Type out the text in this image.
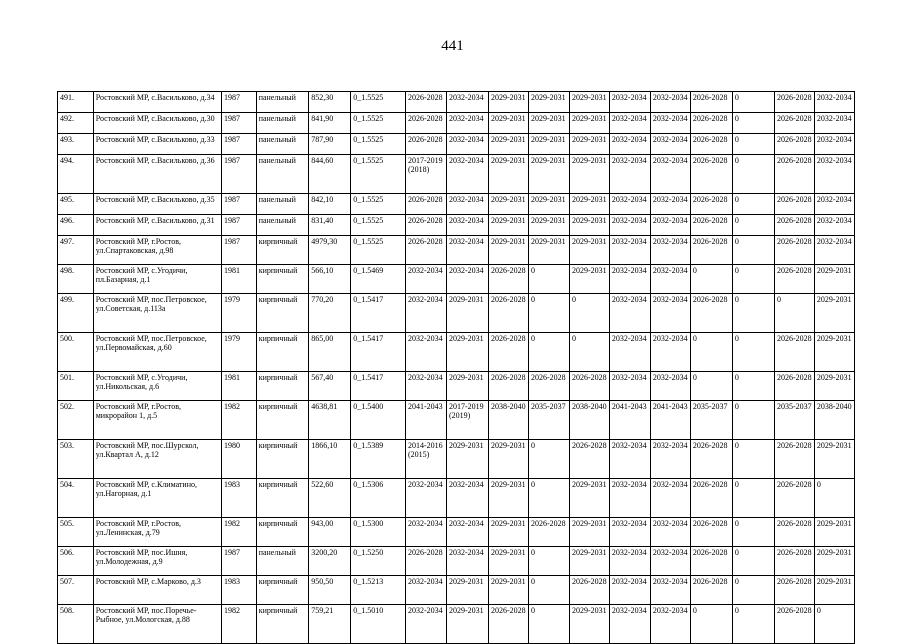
441
491.	Ростовский МР, с.Васильково, д.34	1987	панельный	852,30	0_1.5525	2026-2028	2032-2034	2029-2031	2029-2031	2029-2031	2032-2034	2032-2034	2026-2028	0	2026-2028	2032-2034
492.	Ростовский МР, с.Васильково, д.30	1987	панельный	841,90	0_1.5525	2026-2028	2032-2034	2029-2031	2029-2031	2029-2031	2032-2034	2032-2034	2026-2028	0	2026-2028	2032-2034
493.	Ростовский МР, с.Васильково, д.33	1987	панельный	787,90	0_1.5525	2026-2028	2032-2034	2029-2031	2029-2031	2029-2031	2032-2034	2032-2034	2026-2028	0	2026-2028	2032-2034
494.	Ростовский МР, с.Васильково, д.36	1987	панельный	844,60	0_1.5525	2017-2019 (2018)	2032-2034	2029-2031	2029-2031	2029-2031	2032-2034	2032-2034	2026-2028	0	2026-2028	2032-2034
495.	Ростовский МР, с.Васильково, д.35	1987	панельный	842,10	0_1.5525	2026-2028	2032-2034	2029-2031	2029-2031	2029-2031	2032-2034	2032-2034	2026-2028	0	2026-2028	2032-2034
496.	Ростовский МР, с.Васильково, д.31	1987	панельный	831,40	0_1.5525	2026-2028	2032-2034	2029-2031	2029-2031	2029-2031	2032-2034	2032-2034	2026-2028	0	2026-2028	2032-2034
497.	Ростовский МР, г.Ростов, ул.Спартаковская, д.98	1987	кирпичный	4979,30	0_1.5525	2026-2028	2032-2034	2029-2031	2029-2031	2029-2031	2032-2034	2032-2034	2026-2028	0	2026-2028	2032-2034
498.	Ростовский МР, с.Угодичи, пл.Базарная, д.1	1981	кирпичный	566,10	0_1.5469	2032-2034	2032-2034	2026-2028	0	2029-2031	2032-2034	2032-2034	0	0	2026-2028	2029-2031
499.	Ростовский МР, пос.Петровское, ул.Советская, д.113а	1979	кирпичный	770,20	0_1.5417	2032-2034	2029-2031	2026-2028	0	0	2032-2034	2032-2034	2026-2028	0	0	2029-2031
500.	Ростовский МР, пос.Петровское, ул.Первомайская, д.60	1979	кирпичный	865,00	0_1.5417	2032-2034	2029-2031	2026-2028	0	0	2032-2034	2032-2034	0	0	2026-2028	2029-2031
501.	Ростовский МР, с.Угодичи, ул.Никольская, д.6	1981	кирпичный	567,40	0_1.5417	2032-2034	2029-2031	2026-2028	2026-2028	2026-2028	2032-2034	2032-2034	0	0	2026-2028	2029-2031
502.	Ростовский МР, г.Ростов, микрорайон 1, д.5	1982	кирпичный	4638,81	0_1.5400	2041-2043	2017-2019 (2019)	2038-2040	2035-2037	2038-2040	2041-2043	2041-2043	2035-2037	0	2035-2037	2038-2040
503.	Ростовский МР, пос.Шурскол, ул.Квартал А, д.12	1980	кирпичный	1866,10	0_1.5389	2014-2016 (2015)	2029-2031	2029-2031	0	2026-2028	2032-2034	2032-2034	2026-2028	0	2026-2028	2029-2031
504.	Ростовский МР, с.Климатино, ул.Нагорная, д.1	1983	кирпичный	522,60	0_1.5306	2032-2034	2032-2034	2029-2031	0	2029-2031	2032-2034	2032-2034	2026-2028	0	2026-2028	0
505.	Ростовский МР, г.Ростов, ул.Ленинская, д.79	1982	кирпичный	943,00	0_1.5300	2032-2034	2032-2034	2029-2031	2026-2028	2029-2031	2032-2034	2032-2034	2026-2028	0	2026-2028	2029-2031
506.	Ростовский МР, пос.Ишня, ул.Молодежная, д.9	1987	панельный	3200,20	0_1.5250	2026-2028	2032-2034	2029-2031	0	2029-2031	2032-2034	2032-2034	2026-2028	0	2026-2028	2029-2031
507.	Ростовский МР, с.Марково, д.3	1983	кирпичный	950,50	0_1.5213	2032-2034	2029-2031	2029-2031	0	2026-2028	2032-2034	2032-2034	2026-2028	0	2026-2028	2029-2031
508.	Ростовский МР, пос.Поречье-Рыбное, ул.Мологская, д.88	1982	кирпичный	759,21	0_1.5010	2032-2034	2029-2031	2026-2028	0	2029-2031	2032-2034	2032-2034	0	0	2026-2028	0
